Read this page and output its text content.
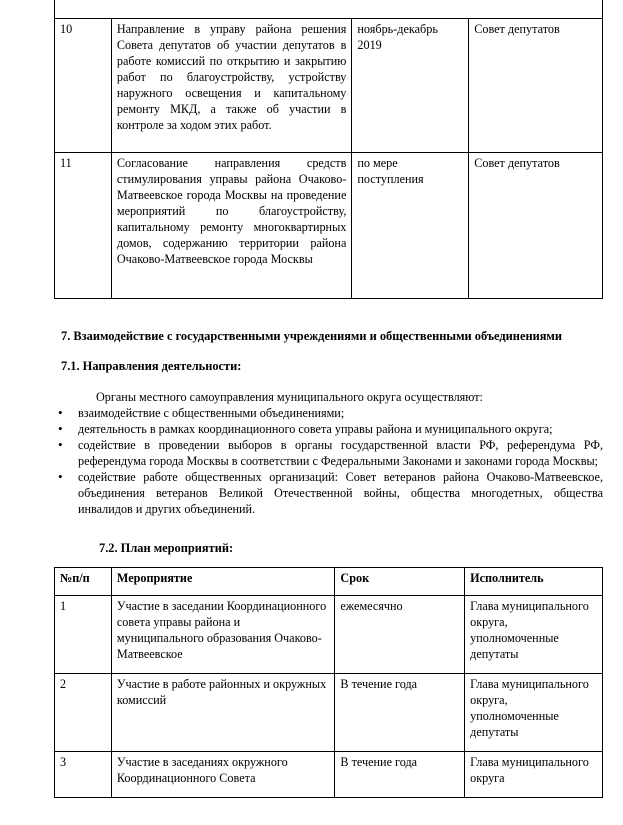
10	Направление в управу района решения Совета депутатов об участии депутатов в работе комиссий по открытию и закрытию работ по благоустройству, устройству наружного освещения и капитальному ремонту МКД, а также об участии в контроле за ходом этих работ.	ноябрь-декабрь 2019	Совет депутатов
11	Согласование направления средств стимулирования управы района Очаково-Матвеевское города Москвы на проведение мероприятий по благоустройству, капитальному ремонту многоквартирных домов, содержанию территории района Очаково-Матвеевское города Москвы	по мере поступления	Совет депутатов
7. Взаимодействие с государственными учреждениями и общественными объединениями
7.1. Направления деятельности:

Органы местного самоуправления муниципального округа осуществляют:

• взаимодействие с общественными объединениями;
• деятельность в рамках координационного совета управы района и муниципального округа;
• содействие в проведении выборов в органы государственной власти РФ, референдума РФ, референдума города Москвы в соответствии с Федеральными Законами и законами города Москвы;
• содействие работе общественных организаций: Совет ветеранов района Очаково-Матвеевское, объединения ветеранов Великой Отечественной войны, общества многодетных, общества инвалидов и других объединений.
7.2. План мероприятий:
№п/п	Мероприятие	Срок	Исполнитель
1	Участие в заседании Координационного совета управы района и муниципального образования Очаково-Матвеевское	ежемесячно	Глава муниципального округа, уполномоченные депутаты
2	Участие в работе районных и окружных комиссий	В течение года	Глава муниципального округа, уполномоченные депутаты
3	Участие в заседаниях окружного Координационного Совета	В течение года	Глава муниципального округа
